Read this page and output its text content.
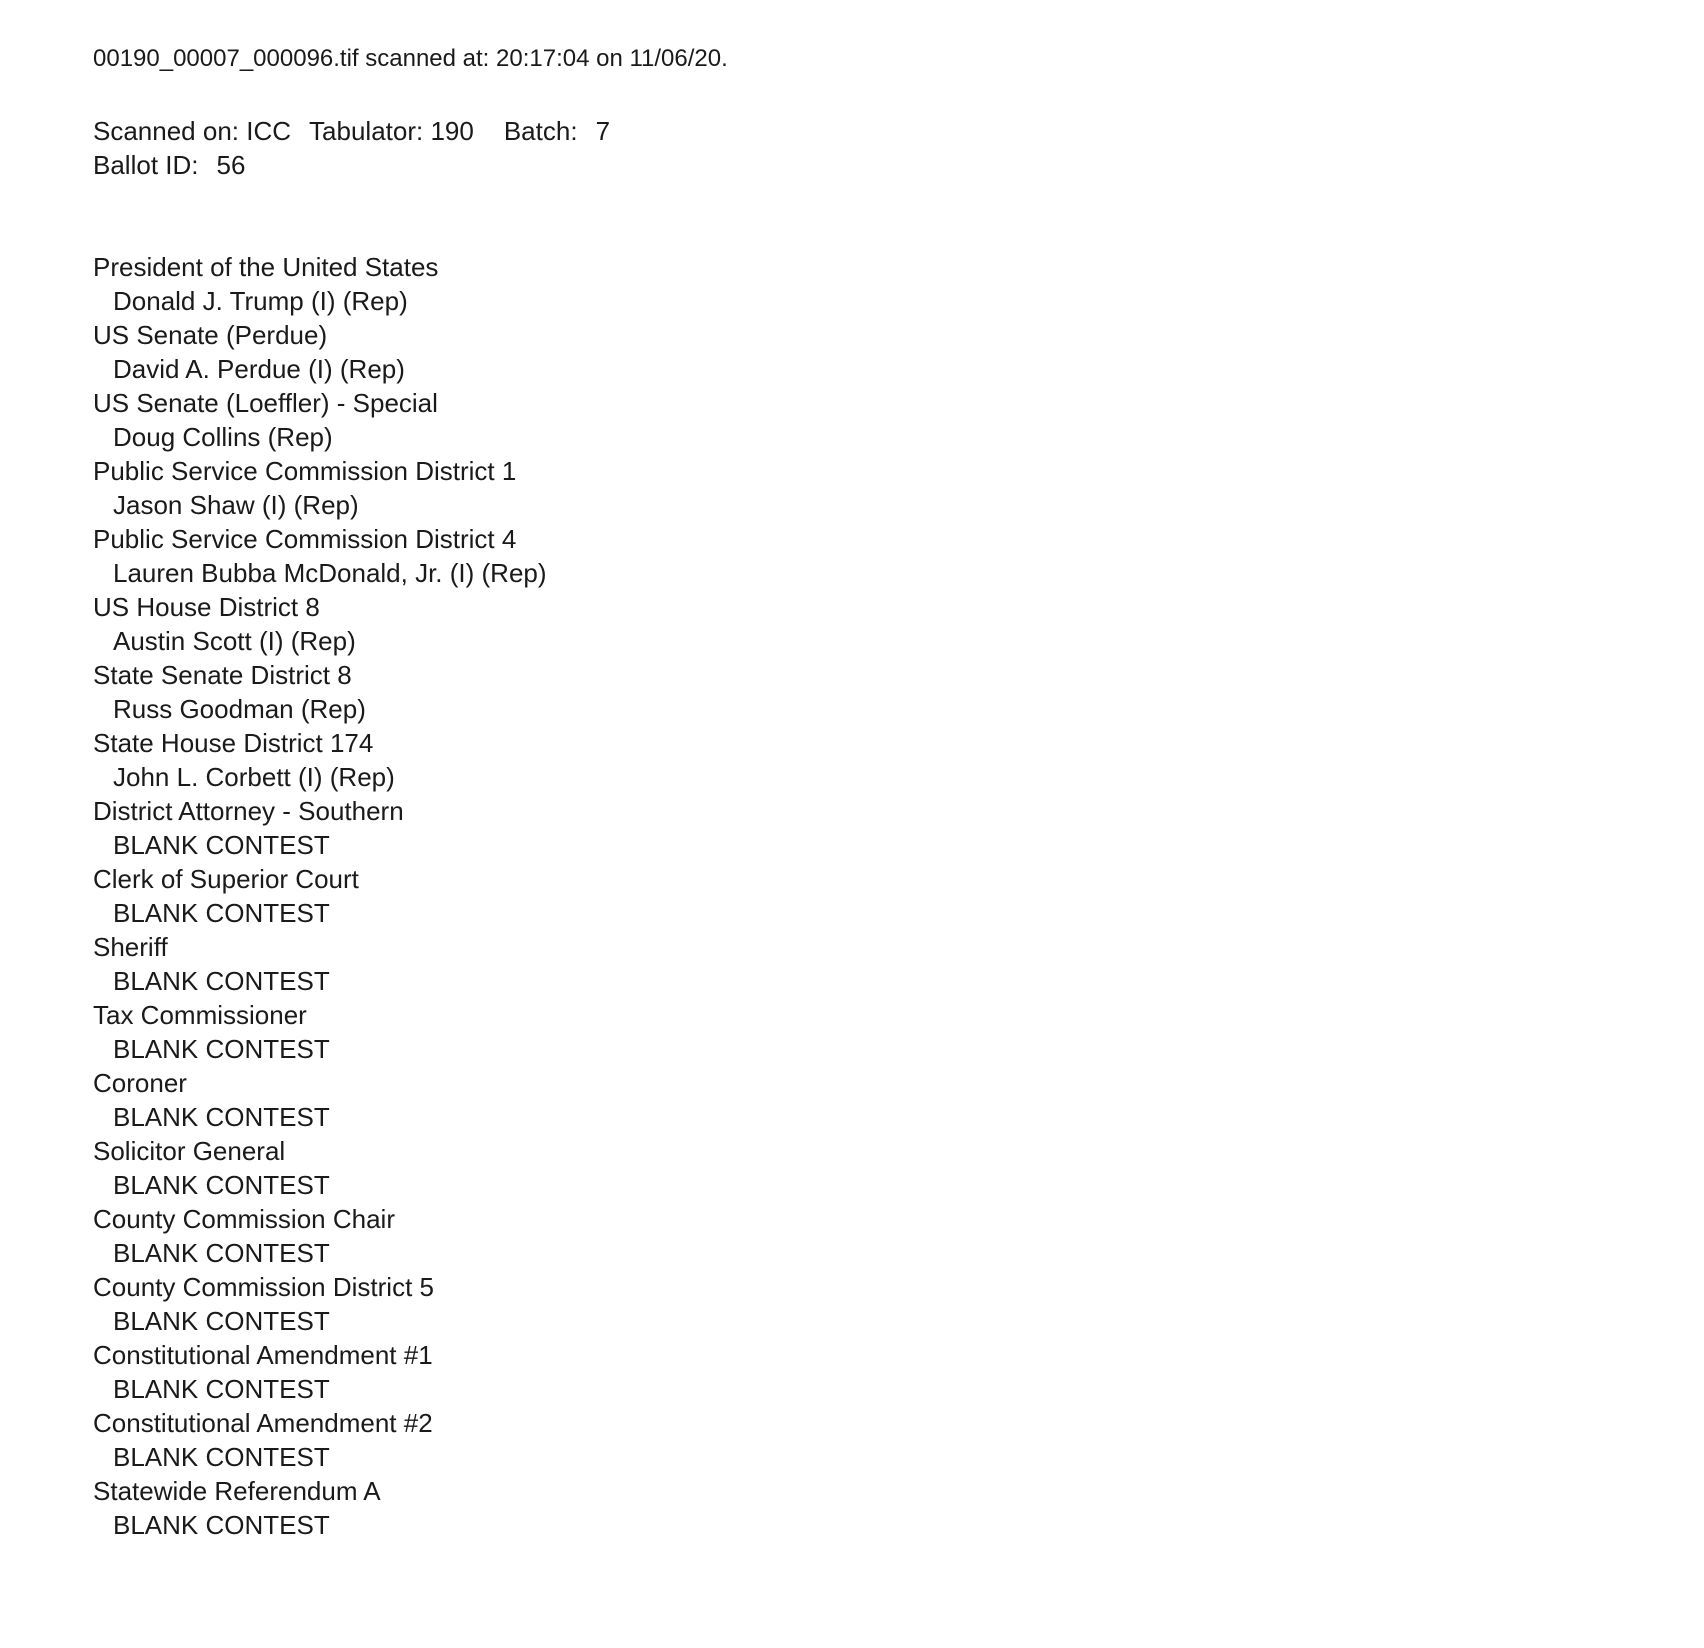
00190_00007_000096.tif scanned at: 20:17:04 on 11/06/20.

Scanned on: ICC Tabulator: 190 Batch: 7

Ballot ID: 56

President of the United States
Donald J. Trump (I) (Rep)
US Senate (Perdue)
David A. Perdue (I) (Rep)
US Senate (Loeffler) - Special
Doug Collins (Rep)
Public Service Commission District 1
Jason Shaw (I) (Rep)
Public Service Commission District 4
Lauren Bubba McDonald, Jr. (I) (Rep)
US House District 8
Austin Scott (I) (Rep)
State Senate District 8
Russ Goodman (Rep)
State House District 174
John L. Corbett (I) (Rep)
District Attorney - Southern
BLANK CONTEST
Clerk of Superior Court
BLANK CONTEST
Sheriff
BLANK CONTEST
Tax Commissioner
BLANK CONTEST
Coroner
BLANK CONTEST
Solicitor General
BLANK CONTEST
County Commission Chair
BLANK CONTEST
County Commission District 5
BLANK CONTEST
Constitutional Amendment #1
BLANK CONTEST
Constitutional Amendment #2
BLANK CONTEST
Statewide Referendum A
BLANK CONTEST
